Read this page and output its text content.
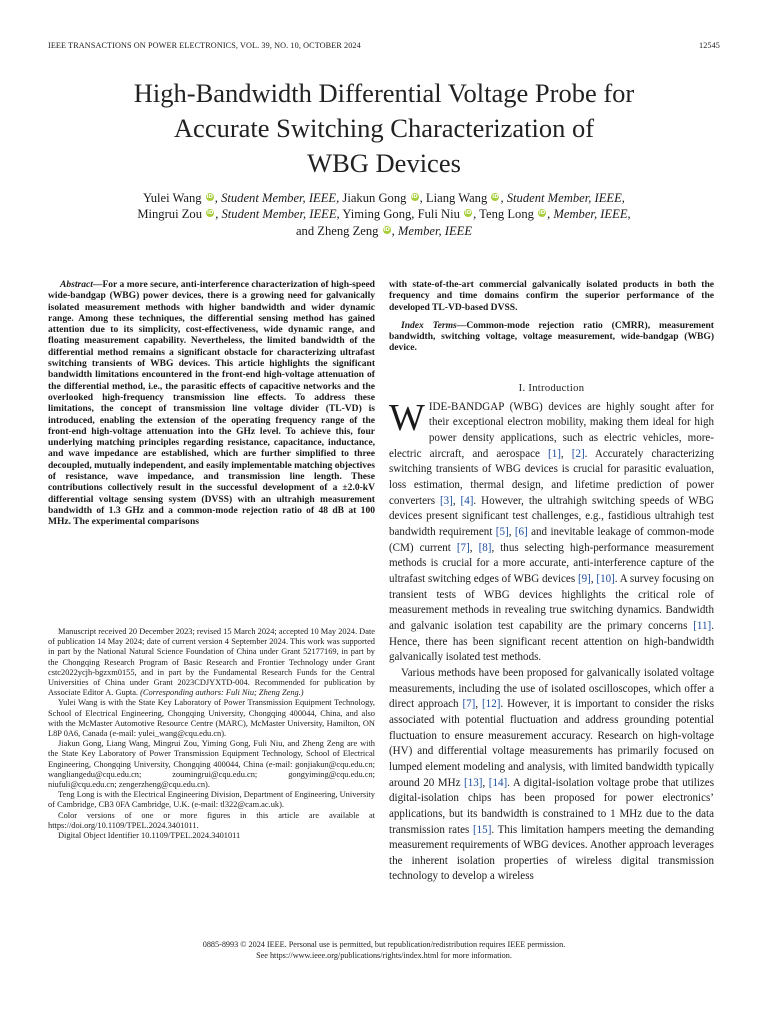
IEEE TRANSACTIONS ON POWER ELECTRONICS, VOL. 39, NO. 10, OCTOBER 2024	12545
High-Bandwidth Differential Voltage Probe for
Accurate Switching Characterization of
WBG Devices
Yulei Wang iD , Student Member, IEEE, Jiakun Gong iD , Liang Wang iD , Student Member, IEEE,
Mingrui Zou iD , Student Member, IEEE, Yiming Gong, Fuli Niu iD , Teng Long iD , Member, IEEE,
and Zheng Zeng iD , Member, IEEE

Abstract—For a more secure, anti-interference characterization of high-speed wide-bandgap (WBG) power devices, there is a growing need for galvanically isolated measurement methods with higher bandwidth and wider dynamic range. Among these techniques, the differential sensing method has gained attention due to its simplicity, cost-effectiveness, wide dynamic range, and floating measurement capability. Nevertheless, the limited bandwidth of the differential method remains a significant obstacle for characterizing ultrafast switching transients of WBG devices. This article highlights the significant bandwidth limitations encountered in the front-end high-voltage attenuation of the differential method, i.e., the parasitic effects of capacitive networks and the overlooked high-frequency transmission line effects. To address these limitations, the concept of transmission line voltage divider (TL-VD) is introduced, enabling the extension of the operating frequency range of the front-end high-voltage attenuation into the GHz level. To achieve this, four underlying matching principles regarding resistance, capacitance, inductance, and wave impedance are established, which are further simplified to three decoupled, mutually independent, and easily implementable matching objectives of resistance, wave impedance, and transmission line length. These contributions collectively result in the successful development of a ±2.0-kV differential voltage sensing system (DVSS) with an ultrahigh measurement bandwidth of 1.3 GHz and a common-mode rejection ratio of 48 dB at 100 MHz. The experimental comparisons

Manuscript received 20 December 2023; revised 15 March 2024; accepted 10 May 2024. Date of publication 14 May 2024; date of current version 4 September 2024. This work was supported in part by the National Natural Science Foundation of China under Grant 52177169, in part by the Chongqing Research Program of Basic Research and Frontier Technology under Grant cstc2022ycjh-bgzxm0155, and in part by the Fundamental Research Funds for the Central Universities of China under Grant 2023CDJYXTD-004. Recommended for publication by Associate Editor A. Gupta. (Corresponding authors: Fuli Niu; Zheng Zeng.)

Yulei Wang is with the State Key Laboratory of Power Transmission Equipment Technology, School of Electrical Engineering, Chongqing University, Chongqing 400044, China, and also with the McMaster Automotive Resource Centre (MARC), McMaster University, Hamilton, ON L8P 0A6, Canada (e-mail: yulei_wang@cqu.edu.cn).

Jiakun Gong, Liang Wang, Mingrui Zou, Yiming Gong, Fuli Niu, and Zheng Zeng are with the State Key Laboratory of Power Transmission Equipment Technology, School of Electrical Engineering, Chongqing University, Chongqing 400044, China (e-mail: gonjiakun@cqu.edu.cn; wangliangedu@cqu.edu.cn; zoumingrui@cqu.edu.cn; gongyiming@cqu.edu.cn; niufuli@cqu.edu.cn; zengerzheng@cqu.edu.cn).

Teng Long is with the Electrical Engineering Division, Department of Engineering, University of Cambridge, CB3 0FA Cambridge, U.K. (e-mail: tl322@cam.ac.uk).

Color versions of one or more figures in this article are available at https://doi.org/10.1109/TPEL.2024.3401011.

Digital Object Identifier 10.1109/TPEL.2024.3401011

with state-of-the-art commercial galvanically isolated products in both the frequency and time domains confirm the superior performance of the developed TL-VD-based DVSS.

Index Terms—Common-mode rejection ratio (CMRR), measurement bandwidth, switching voltage, voltage measurement, wide-bandgap (WBG) device.

I. Introduction

WIDE-BANDGAP (WBG) devices are highly sought after for their exceptional electron mobility, making them ideal for high power density applications, such as electric vehicles, more-electric aircraft, and aerospace [1], [2]. Accurately characterizing switching transients of WBG devices is crucial for parasitic evaluation, loss estimation, thermal design, and lifetime prediction of power converters [3], [4]. However, the ultrahigh switching speeds of WBG devices present significant test challenges, e.g., fastidious ultrahigh test bandwidth requirement [5], [6] and inevitable leakage of common-mode (CM) current [7], [8], thus selecting high-performance measurement methods is crucial for a more accurate, anti-interference capture of the ultrafast switching edges of WBG devices [9], [10]. A survey focusing on transient tests of WBG devices highlights the critical role of measurement methods in revealing true switching dynamics. Bandwidth and galvanic isolation test capability are the primary concerns [11]. Hence, there has been significant recent attention on high-bandwidth galvanically isolated test methods.

Various methods have been proposed for galvanically isolated voltage measurements, including the use of isolated oscilloscopes, which offer a direct approach [7], [12]. However, it is important to consider the risks associated with potential fluctuation and address grounding potential fluctuation to ensure measurement accuracy. Research on high-voltage (HV) and differential voltage measurements has primarily focused on lumped element modeling and analysis, with limited bandwidth typically around 20 MHz [13], [14]. A digital-isolation voltage probe that utilizes digital-isolation chips has been proposed for power electronics’ applications, but its bandwidth is constrained to 1 MHz due to the data transmission rates [15]. This limitation hampers meeting the demanding measurement requirements of WBG devices. Another approach leverages the inherent isolation properties of wireless digital transmission technology to develop a wireless

0885-8993 © 2024 IEEE. Personal use is permitted, but republication/redistribution requires IEEE permission.
See https://www.ieee.org/publications/rights/index.html for more information.
